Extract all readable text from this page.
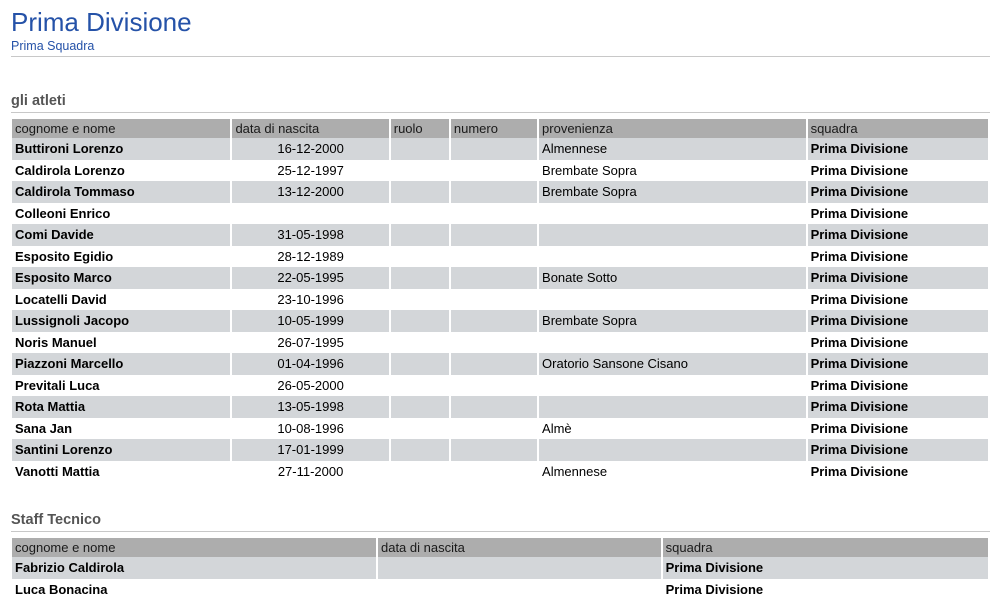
Prima Divisione
Prima Squadra
gli atleti
cognome e nome	data di nascita	ruolo	numero	provenienza	squadra
Buttironi Lorenzo	16-12-2000			Almennese	Prima Divisione
Caldirola Lorenzo	25-12-1997			Brembate Sopra	Prima Divisione
Caldirola Tommaso	13-12-2000			Brembate Sopra	Prima Divisione
Colleoni Enrico					Prima Divisione
Comi Davide	31-05-1998				Prima Divisione
Esposito Egidio	28-12-1989				Prima Divisione
Esposito Marco	22-05-1995			Bonate Sotto	Prima Divisione
Locatelli David	23-10-1996				Prima Divisione
Lussignoli Jacopo	10-05-1999			Brembate Sopra	Prima Divisione
Noris Manuel	26-07-1995				Prima Divisione
Piazzoni Marcello	01-04-1996			Oratorio Sansone Cisano	Prima Divisione
Previtali Luca	26-05-2000				Prima Divisione
Rota Mattia	13-05-1998				Prima Divisione
Sana Jan	10-08-1996			Almè	Prima Divisione
Santini Lorenzo	17-01-1999				Prima Divisione
Vanotti Mattia	27-11-2000			Almennese	Prima Divisione
Staff Tecnico
cognome e nome	data di nascita	squadra
Fabrizio Caldirola		Prima Divisione
Luca Bonacina		Prima Divisione
